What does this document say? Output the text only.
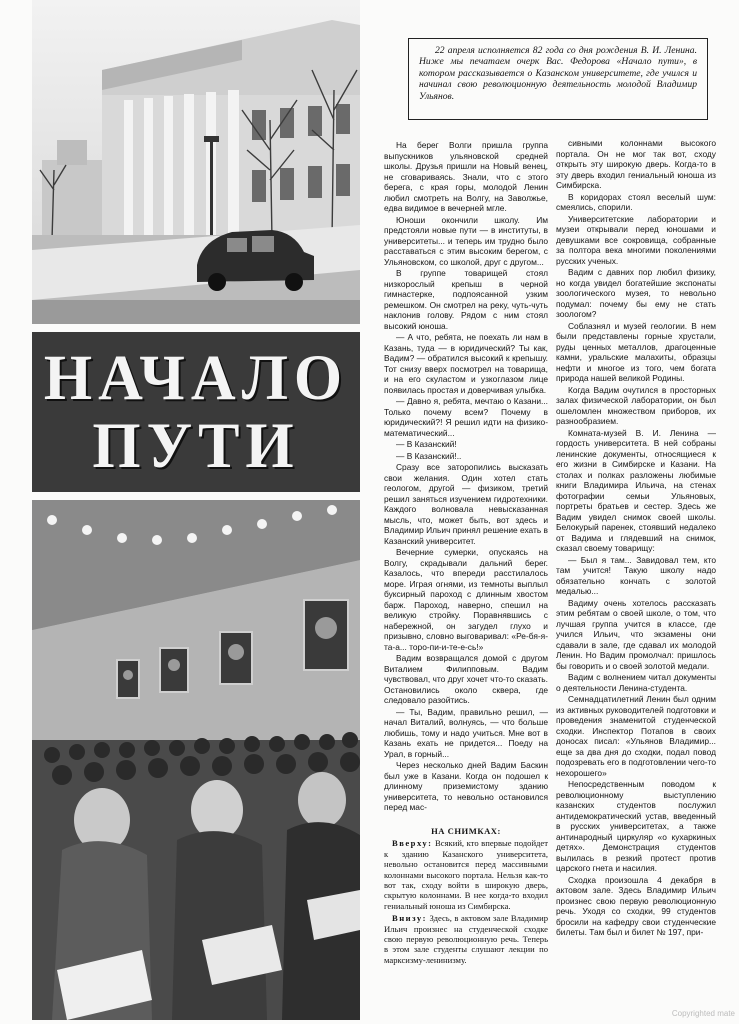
НАЧАЛО
ПУТИ

22 апреля исполняется 82 года со дня рождения В. И. Ленина. Ниже мы печатаем очерк Вас. Федорова «Начало пути», в котором рассказывается о Казанском университете, где учился и начинал свою революционную деятельность молодой Владимир Ульянов.

На берег Волги пришла группа выпускников ульяновской средней школы. Друзья пришли на Новый венец, не сговариваясь. Знали, что с этого берега, с края горы, молодой Ленин любил смотреть на Волгу, на Заволжье, едва видимое в вечерней мгле.

Юноши окончили школу. Им предстояли новые пути — в институты, в университеты... и теперь им трудно было расставаться с этим высоким берегом, с Ульяновском, со школой, друг с другом...

В группе товарищей стоял низкорослый крепыш в черной гимнастерке, подпоясанной узким ремешком. Он смотрел на реку, чуть-чуть наклонив голову. Рядом с ним стоял высокий юноша.

— А что, ребята, не поехать ли нам в Казань, туда — в юридический? Ты как, Вадим? — обратился высокий к крепышу. Тот снизу вверх посмотрел на товарища, и на его скуластом и узкоглазом лице появилась простая и доверчивая улыбка.

— Давно я, ребята, мечтаю о Казани... Только почему всем? Почему в юридический?! Я решил идти на физико-математический...

— В Казанский!

— В Казанский!..

Сразу все заторопились высказать свои желания. Один хотел стать геологом, другой — физиком, третий решил заняться изучением гидротехники. Каждого волновала невысказанная мысль, что, может быть, вот здесь и Владимир Ильич принял решение ехать в Казанский университет.

Вечерние сумерки, опускаясь на Волгу, скрадывали дальний берег. Казалось, что впереди расстилалось море. Играя огнями, из темноты выплыл буксирный пароход с длинным хвостом барж. Пароход, наверно, спешил на великую стройку. Поравнявшись с набережной, он загудел глухо и призывно, словно выговаривал: «Ре-бя-я-та-а... торо-пи-и-те-е-сь!»

Вадим возвращался домой с другом Виталием Филипповым. Вадим чувствовал, что друг хочет что-то сказать. Остановились около сквера, где следовало разойтись.

— Ты, Вадим, правильно решил, — начал Виталий, волнуясь, — что больше любишь, тому и надо учиться. Мне вот в Казань ехать не придется... Поеду на Урал, в горный...

Через несколько дней Вадим Баскин был уже в Казани. Когда он подошел к длинному приземистому зданию университета, то невольно остановился перед мас-

НА СНИМКАХ:

Вверху: Всякий, кто впервые подойдет к зданию Казанского университета, невольно остановится перед массивными колоннами высокого портала. Нельзя как-то вот так, сходу войти в широкую дверь, скрытую колоннами. В нее когда-то входил гениальный юноша из Симбирска.

Внизу: Здесь, в актовом зале Владимир Ильич произнес на студенческой сходке свою первую революционную речь. Теперь в этом зале студенты слушают лекции по марксизму-ленинизму.

сивными колоннами высокого портала. Он не мог так вот, сходу открыть эту широкую дверь. Когда-то в эту дверь входил гениальный юноша из Симбирска.

В коридорах стоял веселый шум: смеялись, спорили.

Университетские лаборатории и музеи открывали перед юношами и девушками все сокровища, собранные за полтора века многими поколениями русских ученых.

Вадим с давних пор любил физику, но когда увидел богатейшие экспонаты зоологического музея, то невольно подумал: почему бы ему не стать зоологом?

Соблазнял и музей геологии. В нем были представлены горные хрустали, руды ценных металлов, драгоценные камни, уральские малахиты, образцы нефти и многое из того, чем богата природа нашей великой Родины.

Когда Вадим очутился в просторных залах физической лаборатории, он был ошеломлен множеством приборов, их разнообразием.

Комната-музей В. И. Ленина — гордость университета. В ней собраны ленинские документы, относящиеся к его жизни в Симбирске и Казани. На столах и полках разложены любимые книги Владимира Ильича, на стенах фотографии семьи Ульяновых, портреты братьев и сестер. Здесь же Вадим увидел снимок своей школы. Белокурый паренек, стоявший недалеко от Вадима и глядевший на снимок, сказал своему товарищу:

— Был я там... Завидовал тем, кто там учится! Такую школу надо обязательно кончать с золотой медалью...

Вадиму очень хотелось рассказать этим ребятам о своей школе, о том, что лучшая группа учится в классе, где учился Ильич, что экзамены они сдавали в зале, где сдавал их молодой Ленин. Но Вадим промолчал: пришлось бы говорить и о своей золотой медали.

Вадим с волнением читал документы о деятельности Ленина-студента.

Семнадцатилетний Ленин был одним из активных руководителей подготовки и проведения знаменитой студенческой сходки. Инспектор Потапов в своих доносах писал: «Ульянов Владимир... еще за два дня до сходки, подал повод подозревать его в подготовлении чего-то нехорошего»

Непосредственным поводом к революционному выступлению казанских студентов послужил антидемократический устав, введенный в русских университетах, а также антинародный циркуляр «о кухаркиных детях». Демонстрация студентов вылилась в резкий протест против царского гнета и насилия.

Сходка произошла 4 декабря в актовом зале. Здесь Владимир Ильич произнес свою первую революционную речь. Уходя со сходки, 99 студентов бросили на кафедру свои студенческие билеты. Там был и билет № 197, при-

Copyrighted mate
